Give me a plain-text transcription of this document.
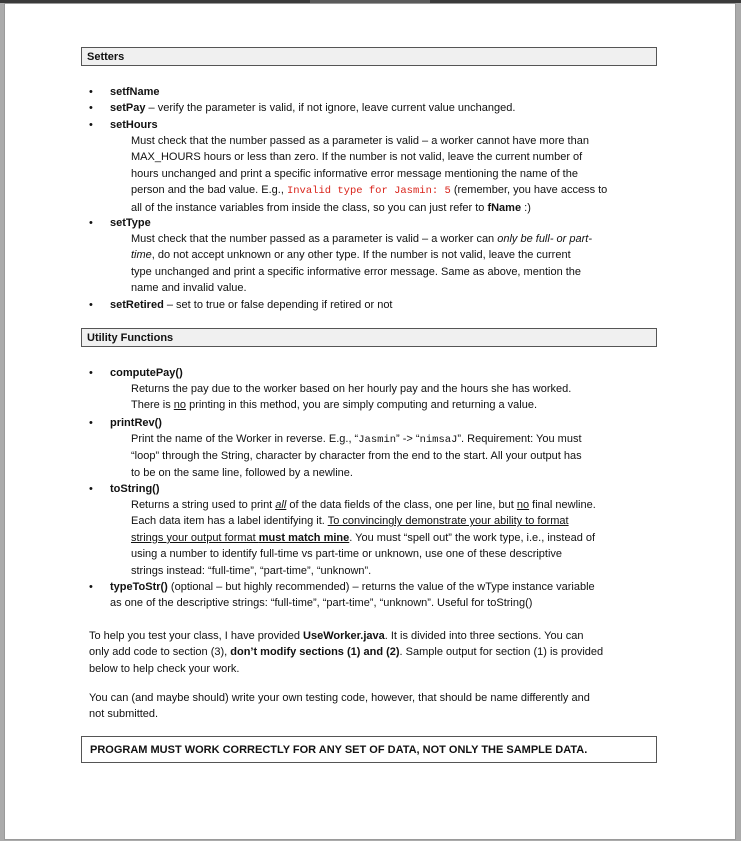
Setters
• setfName
• setPay – verify the parameter is valid, if not ignore, leave current value unchanged.
• setHours
Must check that the number passed as a parameter is valid – a worker cannot have more than
MAX_HOURS hours or less than zero. If the number is not valid, leave the current number of
hours unchanged and print a specific informative error message mentioning the name of the
person and the bad value. E.g., Invalid type for Jasmin: 5 (remember, you have access to
all of the instance variables from inside the class, so you can just refer to fName :)
• setType
Must check that the number passed as a parameter is valid – a worker can only be full- or part-
time, do not accept unknown or any other type. If the number is not valid, leave the current
type unchanged and print a specific informative error message. Same as above, mention the
name and invalid value.
• setRetired – set to true or false depending if retired or not
Utility Functions
• computePay()
Returns the pay due to the worker based on her hourly pay and the hours she has worked.
There is no printing in this method, you are simply computing and returning a value.
• printRev()
Print the name of the Worker in reverse. E.g., “Jasmin” -> “nimsaJ”. Requirement: You must
“loop” through the String, character by character from the end to the start. All your output has
to be on the same line, followed by a newline.
• toString()
Returns a string used to print all of the data fields of the class, one per line, but no final newline.
Each data item has a label identifying it. To convincingly demonstrate your ability to format
strings your output format must match mine. You must “spell out” the work type, i.e., instead of
using a number to identify full-time vs part-time or unknown, use one of these descriptive
strings instead: “full-time”, “part-time”, “unknown”.
• typeToStr() (optional – but highly recommended) – returns the value of the wType instance variable
as one of the descriptive strings: “full-time”, “part-time”, “unknown”. Useful for toString()
To help you test your class, I have provided UseWorker.java. It is divided into three sections. You can
only add code to section (3), don’t modify sections (1) and (2). Sample output for section (1) is provided
below to help check your work.
You can (and maybe should) write your own testing code, however, that should be name differently and
not submitted.
PROGRAM MUST WORK CORRECTLY FOR ANY SET OF DATA, NOT ONLY THE SAMPLE DATA.
